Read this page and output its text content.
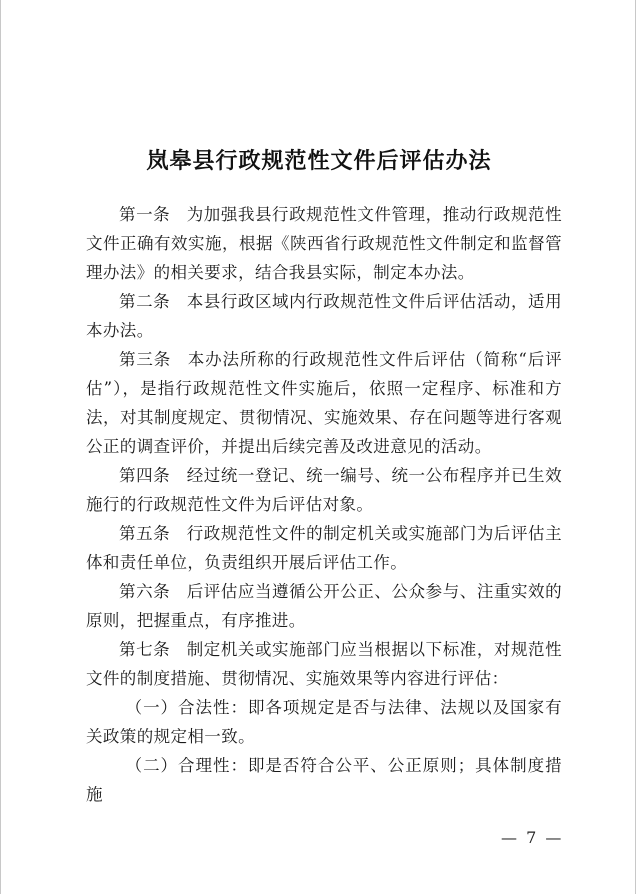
岚皋县行政规范性文件后评估办法

第一条 为加强我县行政规范性文件管理，推动行政规范性文件正确有效实施，根据《陕西省行政规范性文件制定和监督管理办法》的相关要求，结合我县实际，制定本办法。

第二条 本县行政区域内行政规范性文件后评估活动，适用本办法。

第三条 本办法所称的行政规范性文件后评估（简称“后评估”），是指行政规范性文件实施后，依照一定程序、标准和方法，对其制度规定、贯彻情况、实施效果、存在问题等进行客观公正的调查评价，并提出后续完善及改进意见的活动。

第四条 经过统一登记、统一编号、统一公布程序并已生效施行的行政规范性文件为后评估对象。

第五条 行政规范性文件的制定机关或实施部门为后评估主体和责任单位，负责组织开展后评估工作。

第六条 后评估应当遵循公开公正、公众参与、注重实效的原则，把握重点，有序推进。

第七条 制定机关或实施部门应当根据以下标准，对规范性文件的制度措施、贯彻情况、实施效果等内容进行评估：

（一）合法性：即各项规定是否与法律、法规以及国家有关政策的规定相一致。

（二）合理性：即是否符合公平、公正原则；具体制度措施

— 7 —
